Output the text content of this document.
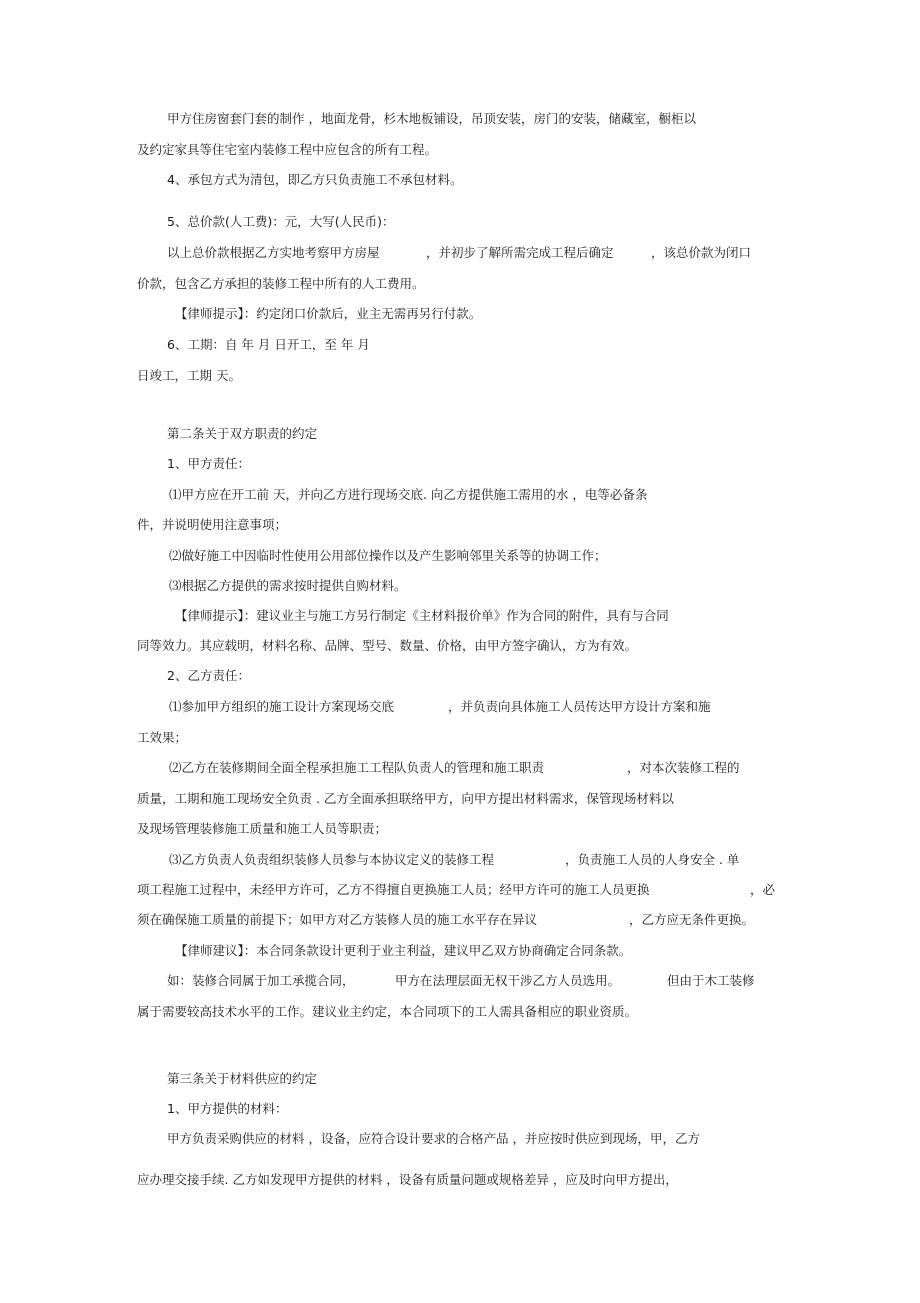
甲方住房窗套门套的制作 ，地面龙骨，杉木地板铺设，吊顶安装，房门的安装，储藏室，橱柜以

及约定家具等住宅室内装修工程中应包含的所有工程。

4、承包方式为清包，即乙方只负责施工不承包材料。

5、总价款(人工费)：元，大写(人民币)：

以上总价款根据乙方实地考察甲方房屋	，并初步了解所需完成工程后确定	，该总价款为闭口

价款，包含乙方承担的装修工程中所有的人工费用。

【律师提示】：约定闭口价款后，业主无需再另行付款。

6、工期：自 年 月 日开工，至 年 月

日竣工，工期 天。

第二条关于双方职责的约定

1、甲方责任：

⑴甲方应在开工前 天，并向乙方进行现场交底. 向乙方提供施工需用的水 ，电等必备条

件，并说明使用注意事项；

⑵做好施工中因临时性使用公用部位操作以及产生影响邻里关系等的协调工作；

⑶根据乙方提供的需求按时提供自购材料。

【律师提示】：建议业主与施工方另行制定《主材料报价单》作为合同的附件，具有与合同

同等效力。其应载明，材料名称、品牌、型号、数量、价格，由甲方签字确认，方为有效。

2、乙方责任：

⑴参加甲方组织的施工设计方案现场交底	，并负责向具体施工人员传达甲方设计方案和施

工效果；

⑵乙方在装修期间全面全程承担施工工程队负责人的管理和施工职责	，对本次装修工程的

质量，工期和施工现场安全负责 . 乙方全面承担联络甲方，向甲方提出材料需求，保管现场材料以

及现场管理装修施工质量和施工人员等职责；

⑶乙方负责人负责组织装修人员参与本协议定义的装修工程	，负责施工人员的人身安全 . 单

项工程施工过程中，未经甲方许可，乙方不得擅自更换施工人员；经甲方许可的施工人员更换	，必

须在确保施工质量的前提下；如甲方对乙方装修人员的施工水平存在异议	，乙方应无条件更换。

【律师建议】：本合同条款设计更利于业主利益，建议甲乙双方协商确定合同条款。

如：装修合同属于加工承揽合同，	甲方在法理层面无权干涉乙方人员选用。	但由于木工装修

属于需要较高技术水平的工作。建议业主约定，本合同项下的工人需具备相应的职业资质。

第三条关于材料供应的约定

1、甲方提供的材料：

甲方负责采购供应的材料 ，设备，应符合设计要求的合格产品 ，并应按时供应到现场，甲，乙方

应办理交接手续. 乙方如发现甲方提供的材料 ，设备有质量问题或规格差异 ，应及时向甲方提出，
